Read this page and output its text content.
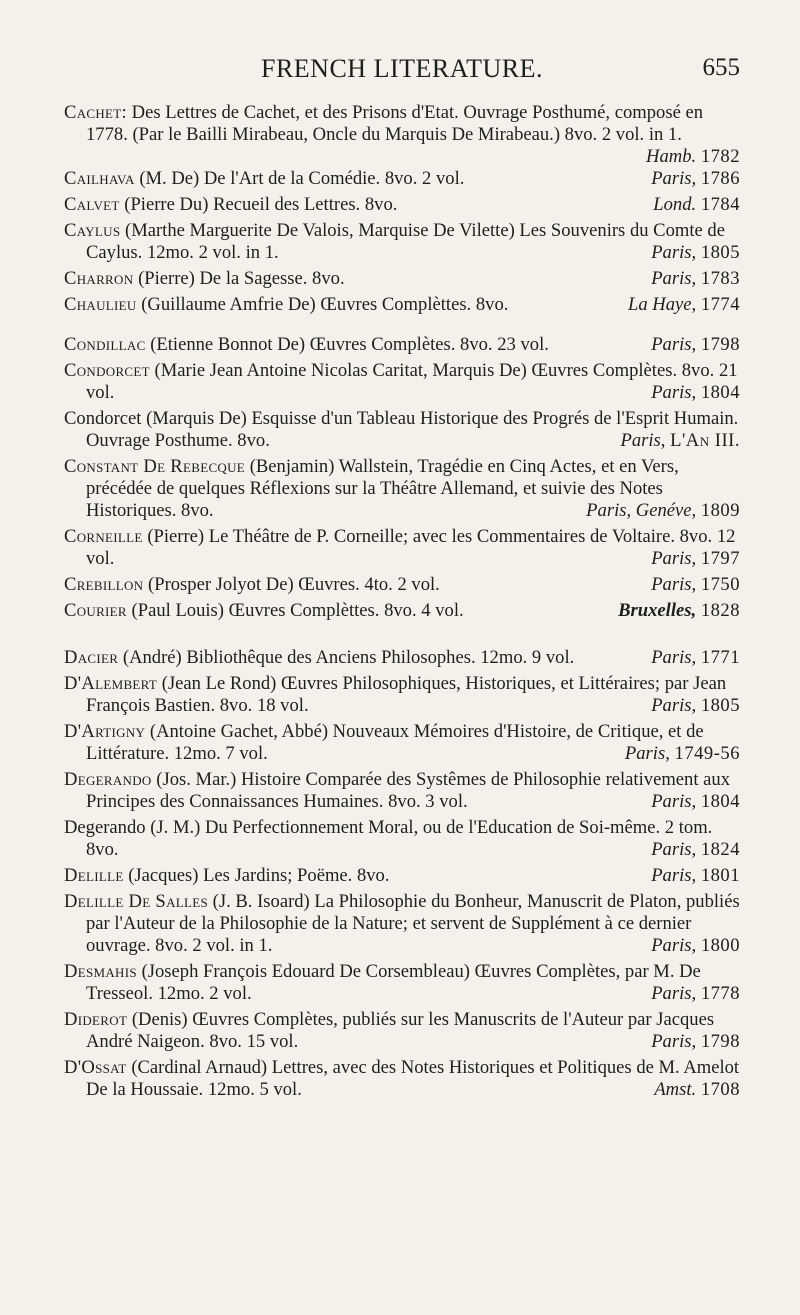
FRENCH LITERATURE.	655

Cachet: Des Lettres de Cachet, et des Prisons d'Etat. Ouvrage Posthumé, composé en 1778. (Par le Bailli Mirabeau, Oncle du Marquis De Mirabeau.) 8vo. 2 vol. in 1.
Hamb. 1782

Cailhava (M. De) De l'Art de la Comédie. 8vo. 2 vol.	Paris, 1786

Calvet (Pierre Du) Recueil des Lettres. 8vo.	Lond. 1784

Caylus (Marthe Marguerite De Valois, Marquise De Vilette) Les Souvenirs du Comte de Caylus. 12mo. 2 vol. in 1.	Paris, 1805

Charron (Pierre) De la Sagesse. 8vo.	Paris, 1783

Chaulieu (Guillaume Amfrie De) Œuvres Complèttes. 8vo.	La Haye, 1774

Condillac (Etienne Bonnot De) Œuvres Complètes. 8vo. 23 vol.	Paris, 1798

Condorcet (Marie Jean Antoine Nicolas Caritat, Marquis De) Œuvres Complètes. 8vo. 21 vol.	Paris, 1804

Condorcet (Marquis De) Esquisse d'un Tableau Historique des Progrés de l'Esprit Humain. Ouvrage Posthume. 8vo.	Paris, L'An III.

Constant De Rebecque (Benjamin) Wallstein, Tragédie en Cinq Actes, et en Vers, précédée de quelques Réflexions sur la Théâtre Allemand, et suivie des Notes Historiques. 8vo.	Paris, Genéve, 1809

Corneille (Pierre) Le Théâtre de P. Corneille; avec les Commentaires de Voltaire. 8vo. 12 vol.	Paris, 1797

Crebillon (Prosper Jolyot De) Œuvres. 4to. 2 vol.	Paris, 1750

Courier (Paul Louis) Œuvres Complèttes. 8vo. 4 vol.	Bruxelles, 1828

Dacier (André) Bibliothêque des Anciens Philosophes. 12mo. 9 vol.	Paris, 1771

D'Alembert (Jean Le Rond) Œuvres Philosophiques, Historiques, et Littéraires; par Jean François Bastien. 8vo. 18 vol.	Paris, 1805

D'Artigny (Antoine Gachet, Abbé) Nouveaux Mémoires d'Histoire, de Critique, et de Littérature. 12mo. 7 vol.	Paris, 1749-56

Degerando (Jos. Mar.) Histoire Comparée des Systêmes de Philosophie relativement aux Principes des Connaissances Humaines. 8vo. 3 vol.	Paris, 1804

Degerando (J. M.) Du Perfectionnement Moral, ou de l'Education de Soi-même. 2 tom. 8vo.	Paris, 1824

Delille (Jacques) Les Jardins; Poëme. 8vo.	Paris, 1801

Delille De Salles (J. B. Isoard) La Philosophie du Bonheur, Manuscrit de Platon, publiés par l'Auteur de la Philosophie de la Nature; et servent de Supplément à ce dernier ouvrage. 8vo. 2 vol. in 1.	Paris, 1800

Desmahis (Joseph François Edouard De Corsembleau) Œuvres Complètes, par M. De Tresseol. 12mo. 2 vol.	Paris, 1778

Diderot (Denis) Œuvres Complètes, publiés sur les Manuscrits de l'Auteur par Jacques André Naigeon. 8vo. 15 vol.	Paris, 1798

D'Ossat (Cardinal Arnaud) Lettres, avec des Notes Historiques et Politiques de M. Amelot De la Houssaie. 12mo. 5 vol.	Amst. 1708
